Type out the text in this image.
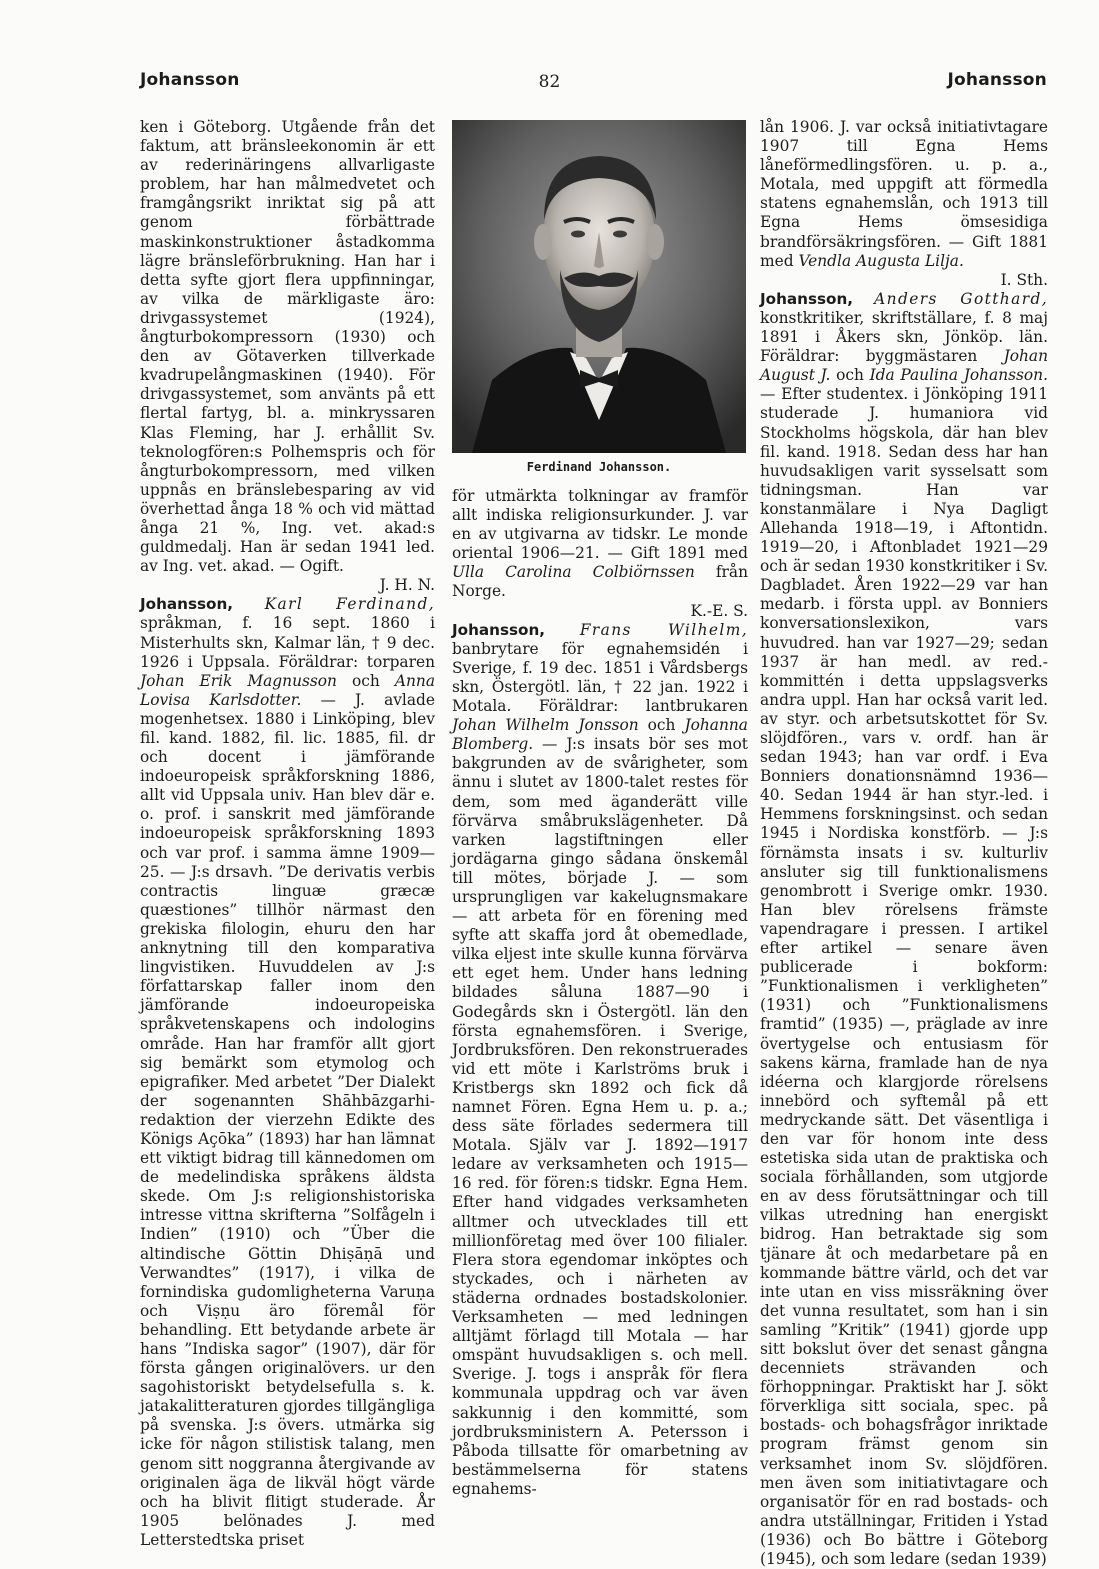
Johansson	82	Johansson

ken i Göteborg. Utgående från det faktum, att bränsleekonomin är ett av rederinäringens allvarligaste problem, har han målmedvetet och framgångsrikt inriktat sig på att genom förbättrade maskinkonstruktioner åstadkomma lägre bränsleförbrukning. Han har i detta syfte gjort flera uppfinningar, av vilka de märkligaste äro: drivgassystemet (1924), ångturbokompressorn (1930) och den av Götaverken tillverkade kvadrupelångmaskinen (1940). För drivgassystemet, som använts på ett flertal fartyg, bl. a. minkryssaren Klas Fleming, har J. erhållit Sv. teknologfören:s Polhemspris och för ångturbokompressorn, med vilken uppnås en bränslebesparing av vid överhettad ånga 18 % och vid mättad ånga 21 %, Ing. vet. akad:s guldmedalj. Han är sedan 1941 led. av Ing. vet. akad. — Ogift.
J. H. N.

Johansson, Karl Ferdinand, språkman, f. 16 sept. 1860 i Misterhults skn, Kalmar län, † 9 dec. 1926 i Uppsala. Föräldrar: torparen Johan Erik Magnusson och Anna Lovisa Karlsdotter. — J. avlade mogenhetsex. 1880 i Linköping, blev fil. kand. 1882, fil. lic. 1885, fil. dr och docent i jämförande indoeuropeisk språkforskning 1886, allt vid Uppsala univ. Han blev där e. o. prof. i sanskrit med jämförande indoeuropeisk språkforskning 1893 och var prof. i samma ämne 1909—25. — J:s drsavh. ”De derivatis verbis contractis linguæ græcæ quæstiones” tillhör närmast den grekiska filologin, ehuru den har anknytning till den komparativa lingvistiken. Huvuddelen av J:s författarskap faller inom den jämförande indoeuropeiska språkvetenskapens och indologins område. Han har framför allt gjort sig bemärkt som etymolog och epigrafiker. Med arbetet ”Der Dialekt der sogenannten Shāhbāzgarhi-redaktion der vierzehn Edikte des Königs Açōka” (1893) har han lämnat ett viktigt bidrag till kännedomen om de medelindiska språkens äldsta skede. Om J:s religionshistoriska intresse vittna skrifterna ”Solfågeln i Indien” (1910) och ”Über die altindische Göttin Dhiṣāṇā und Verwandtes” (1917), i vilka de fornindiska gudomligheterna Varuṇa och Viṣṇu äro föremål för behandling. Ett betydande arbete är hans ”Indiska sagor” (1907), där för första gången originalövers. ur den sagohistoriskt betydelsefulla s. k. jatakalitteraturen gjordes tillgängliga på svenska. J:s övers. utmärka sig icke för någon stilistisk talang, men genom sitt noggranna återgivande av originalen äga de likväl högt värde och ha blivit flitigt studerade. År 1905 belönades J. med Letterstedtska priset

Ferdinand Johansson.

för utmärkta tolkningar av framför allt indiska religionsurkunder. J. var en av utgivarna av tidskr. Le monde oriental 1906—21. — Gift 1891 med Ulla Carolina Colbiörnssen från Norge.
K.-E. S.

Johansson, Frans Wilhelm, banbrytare för egnahemsidén i Sverige, f. 19 dec. 1851 i Vårdsbergs skn, Östergötl. län, † 22 jan. 1922 i Motala. Föräldrar: lantbrukaren Johan Wilhelm Jonsson och Johanna Blomberg. — J:s insats bör ses mot bakgrunden av de svårigheter, som ännu i slutet av 1800-talet restes för dem, som med äganderätt ville förvärva småbrukslägenheter. Då varken lagstiftningen eller jordägarna gingo sådana önskemål till mötes, började J. — som ursprungligen var kakelugnsmakare — att arbeta för en förening med syfte att skaffa jord åt obemedlade, vilka eljest inte skulle kunna förvärva ett eget hem. Under hans ledning bildades såluna 1887—90 i Godegårds skn i Östergötl. län den första egnahemsfören. i Sverige, Jordbruksfören. Den rekonstruerades vid ett möte i Karlströms bruk i Kristbergs skn 1892 och fick då namnet Fören. Egna Hem u. p. a.; dess säte förlades sedermera till Motala. Själv var J. 1892—1917 ledare av verksamheten och 1915—16 red. för fören:s tidskr. Egna Hem. Efter hand vidgades verksamheten alltmer och utvecklades till ett millionföretag med över 100 filialer. Flera stora egendomar inköptes och styckades, och i närheten av städerna ordnades bostadskolonier. Verksamheten — med ledningen alltjämt förlagd till Motala — har omspänt huvudsakligen s. och mell. Sverige. J. togs i anspråk för flera kommunala uppdrag och var även sakkunnig i den kommitté, som jordbruksministern A. Petersson i Påboda tillsatte för omarbetning av bestämmelserna för statens egnahems-

lån 1906. J. var också initiativtagare 1907 till Egna Hems låneförmedlingsfören. u. p. a., Motala, med uppgift att förmedla statens egnahemslån, och 1913 till Egna Hems ömsesidiga brandförsäkringsfören. — Gift 1881 med Vendla Augusta Lilja.
I. Sth.

Johansson, Anders Gotthard, konstkritiker, skriftställare, f. 8 maj 1891 i Åkers skn, Jönköp. län. Föräldrar: byggmästaren Johan August J. och Ida Paulina Johansson. — Efter studentex. i Jönköping 1911 studerade J. humaniora vid Stockholms högskola, där han blev fil. kand. 1918. Sedan dess har han huvudsakligen varit sysselsatt som tidningsman. Han var konstanmälare i Nya Dagligt Allehanda 1918—19, i Aftontidn. 1919—20, i Aftonbladet 1921—29 och är sedan 1930 konstkritiker i Sv. Dagbladet. Åren 1922—29 var han medarb. i första uppl. av Bonniers konversationslexikon, vars huvudred. han var 1927—29; sedan 1937 är han medl. av red.-kommittén i detta uppslagsverks andra uppl. Han har också varit led. av styr. och arbetsutskottet för Sv. slöjdfören., vars v. ordf. han är sedan 1943; han var ordf. i Eva Bonniers donationsnämnd 1936—40. Sedan 1944 är han styr.-led. i Hemmens forskningsinst. och sedan 1945 i Nordiska konstförb. — J:s förnämsta insats i sv. kulturliv ansluter sig till funktionalismens genombrott i Sverige omkr. 1930. Han blev rörelsens främste vapendragare i pressen. I artikel efter artikel — senare även publicerade i bokform: ”Funktionalismen i verkligheten” (1931) och ”Funktionalismens framtid” (1935) —, präglade av inre övertygelse och entusiasm för sakens kärna, framlade han de nya idéerna och klargjorde rörelsens innebörd och syftemål på ett medryckande sätt. Det väsentliga i den var för honom inte dess estetiska sida utan de praktiska och sociala förhållanden, som utgjorde en av dess förutsättningar och till vilkas utredning han energiskt bidrog. Han betraktade sig som tjänare åt och medarbetare på en kommande bättre värld, och det var inte utan en viss missräkning över det vunna resultatet, som han i sin samling ”Kritik” (1941) gjorde upp sitt bokslut över det senast gångna decenniets strävanden och förhoppningar. Praktiskt har J. sökt förverkliga sitt sociala, spec. på bostads- och bohagsfrågor inriktade program främst genom sin verksamhet inom Sv. slöjdfören. men även som initiativtagare och organisatör för en rad bostads- och andra utställningar, Fritiden i Ystad (1936) och Bo bättre i Göteborg (1945), och som ledare (sedan 1939)
